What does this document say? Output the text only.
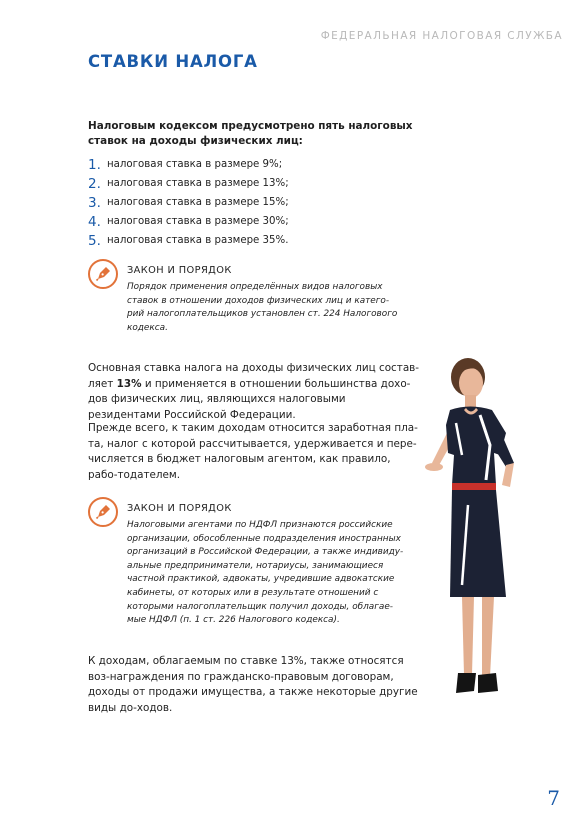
ФЕДЕРАЛЬНАЯ НАЛОГОВАЯ СЛУЖБА
СТАВКИ НАЛОГА
Налоговым кодексом предусмотрено пять налоговых ставок на доходы физических лиц:
1. налоговая ставка в размере 9%;
2. налоговая ставка в размере 13%;
3. налоговая ставка в размере 15%;
4. налоговая ставка в размере 30%;
5. налоговая ставка в размере 35%.
ЗАКОН И ПОРЯДОК
Порядок применения определённых видов налоговых
ставок в отношении доходов физических лиц и катего-
рий налогоплательщиков установлен ст. 224 Налогового
кодекса.
Основная ставка налога на доходы физических лиц состав-ляет 13% и применяется в отношении большинства дохо-дов физических лиц, являющихся налоговыми резидентами Российской Федерации.
Прежде всего, к таким доходам относится заработная пла-та, налог с которой рассчитывается, удерживается и пере-числяется в бюджет налоговым агентом, как правило, рабо-тодателем.
ЗАКОН И ПОРЯДОК
Налоговыми агентами по НДФЛ признаются российские
организации, обособленные подразделения иностранных
организаций в Российской Федерации, а также индивиду-
альные предприниматели, нотариусы, занимающиеся
частной практикой, адвокаты, учредившие адвокатские
кабинеты, от которых или в результате отношений с
которыми налогоплательщик получил доходы, облагае-
мые НДФЛ (п. 1 ст. 226 Налогового кодекса).
К доходам, облагаемым по ставке 13%, также относятся воз-награждения по гражданско-правовым договорам, доходы от продажи имущества, а также некоторые другие виды до-ходов.
7
